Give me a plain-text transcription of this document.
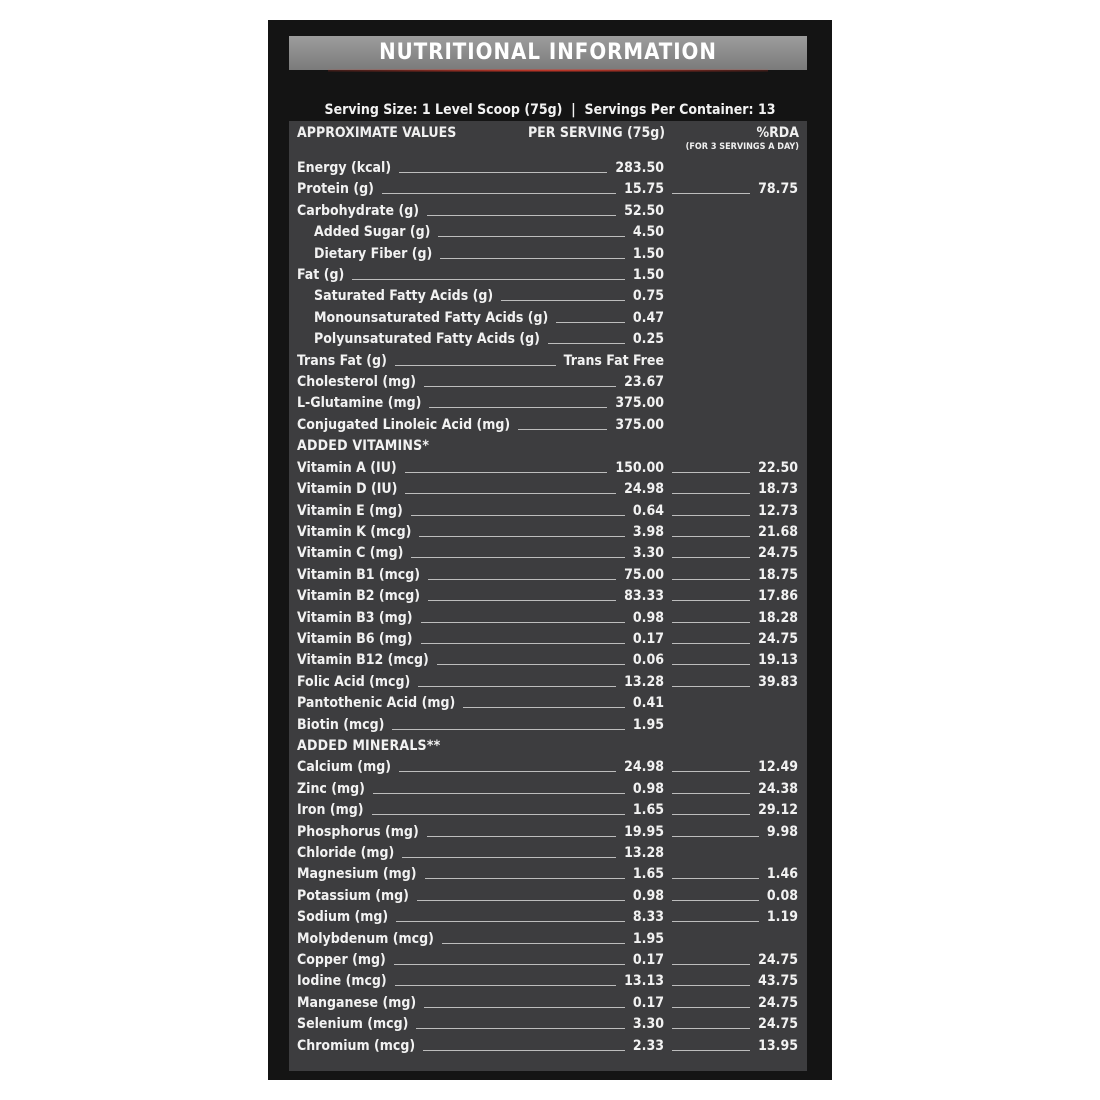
NUTRITIONAL INFORMATION
Serving Size: 1 Level Scoop (75g)  |  Servings Per Container: 13
APPROXIMATE VALUES	PER SERVING (75g)	%RDA
(FOR 3 SERVINGS A DAY)
Energy (kcal)	283.50
Protein (g)	15.75	78.75
Carbohydrate (g)	52.50
Added Sugar (g)	4.50
Dietary Fiber (g)	1.50
Fat (g)	1.50
Saturated Fatty Acids (g)	0.75
Monounsaturated Fatty Acids (g)	0.47
Polyunsaturated Fatty Acids (g)	0.25
Trans Fat (g)	Trans Fat Free
Cholesterol (mg)	23.67
L-Glutamine (mg)	375.00
Conjugated Linoleic Acid (mg)	375.00
ADDED VITAMINS*
Vitamin A (IU)	150.00	22.50
Vitamin D (IU)	24.98	18.73
Vitamin E (mg)	0.64	12.73
Vitamin K (mcg)	3.98	21.68
Vitamin C (mg)	3.30	24.75
Vitamin B1 (mcg)	75.00	18.75
Vitamin B2 (mcg)	83.33	17.86
Vitamin B3 (mg)	0.98	18.28
Vitamin B6 (mg)	0.17	24.75
Vitamin B12 (mcg)	0.06	19.13
Folic Acid (mcg)	13.28	39.83
Pantothenic Acid (mg)	0.41
Biotin (mcg)	1.95
ADDED MINERALS**
Calcium (mg)	24.98	12.49
Zinc (mg)	0.98	24.38
Iron (mg)	1.65	29.12
Phosphorus (mg)	19.95	9.98
Chloride (mg)	13.28
Magnesium (mg)	1.65	1.46
Potassium (mg)	0.98	0.08
Sodium (mg)	8.33	1.19
Molybdenum (mcg)	1.95
Copper (mg)	0.17	24.75
Iodine (mcg)	13.13	43.75
Manganese (mg)	0.17	24.75
Selenium (mcg)	3.30	24.75
Chromium (mcg)	2.33	13.95
